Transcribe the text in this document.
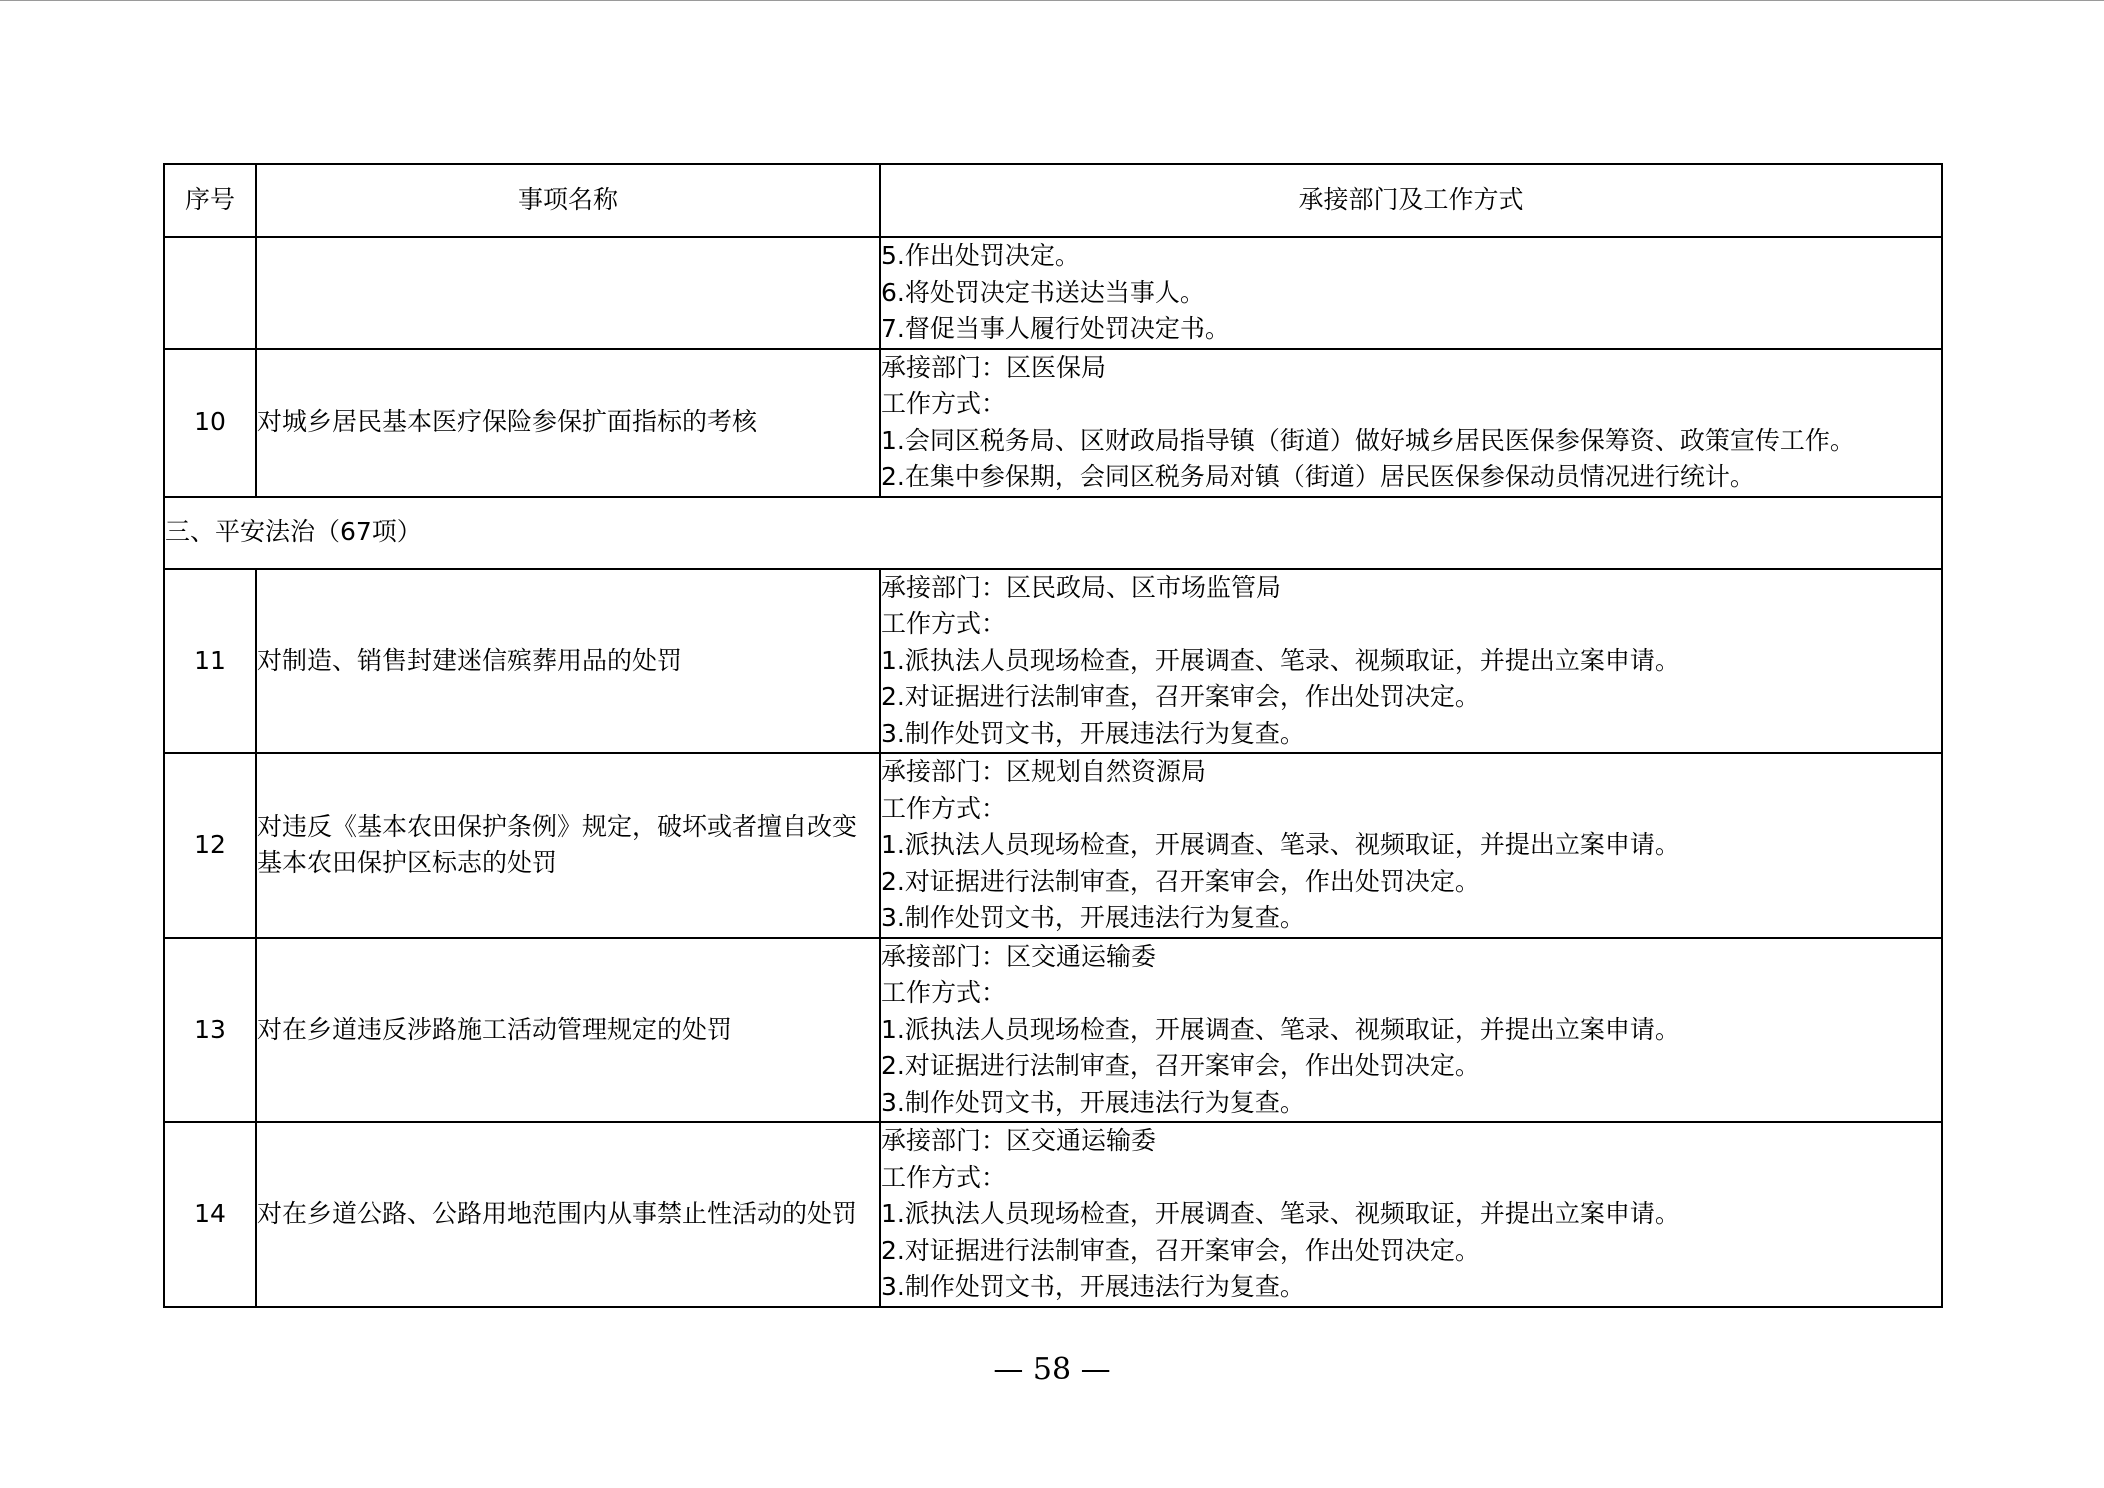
序号	事项名称	承接部门及工作方式

		5.作出处罚决定。
6.将处罚决定书送达当事人。
7.督促当事人履行处罚决定书。

10	对城乡居民基本医疗保险参保扩面指标的考核	承接部门：区医保局
工作方式：
1.会同区税务局、区财政局指导镇（街道）做好城乡居民医保参保筹资、政策宣传工作。
2.在集中参保期，会同区税务局对镇（街道）居民医保参保动员情况进行统计。

三、平安法治（67项）		
11	对制造、销售封建迷信殡葬用品的处罚	承接部门：区民政局、区市场监管局
工作方式：
1.派执法人员现场检查，开展调查、笔录、视频取证，并提出立案申请。
2.对证据进行法制审查，召开案审会，作出处罚决定。
3.制作处罚文书，开展违法行为复查。

12	对违反《基本农田保护条例》规定，破坏或者擅自改变基本农田保护区标志的处罚	承接部门：区规划自然资源局
工作方式：
1.派执法人员现场检查，开展调查、笔录、视频取证，并提出立案申请。
2.对证据进行法制审查，召开案审会，作出处罚决定。
3.制作处罚文书，开展违法行为复查。

13	对在乡道违反涉路施工活动管理规定的处罚	承接部门：区交通运输委
工作方式：
1.派执法人员现场检查，开展调查、笔录、视频取证，并提出立案申请。
2.对证据进行法制审查，召开案审会，作出处罚决定。
3.制作处罚文书，开展违法行为复查。

14	对在乡道公路、公路用地范围内从事禁止性活动的处罚	承接部门：区交通运输委
工作方式：
1.派执法人员现场检查，开展调查、笔录、视频取证，并提出立案申请。
2.对证据进行法制审查，召开案审会，作出处罚决定。
3.制作处罚文书，开展违法行为复查。
— 58 —
